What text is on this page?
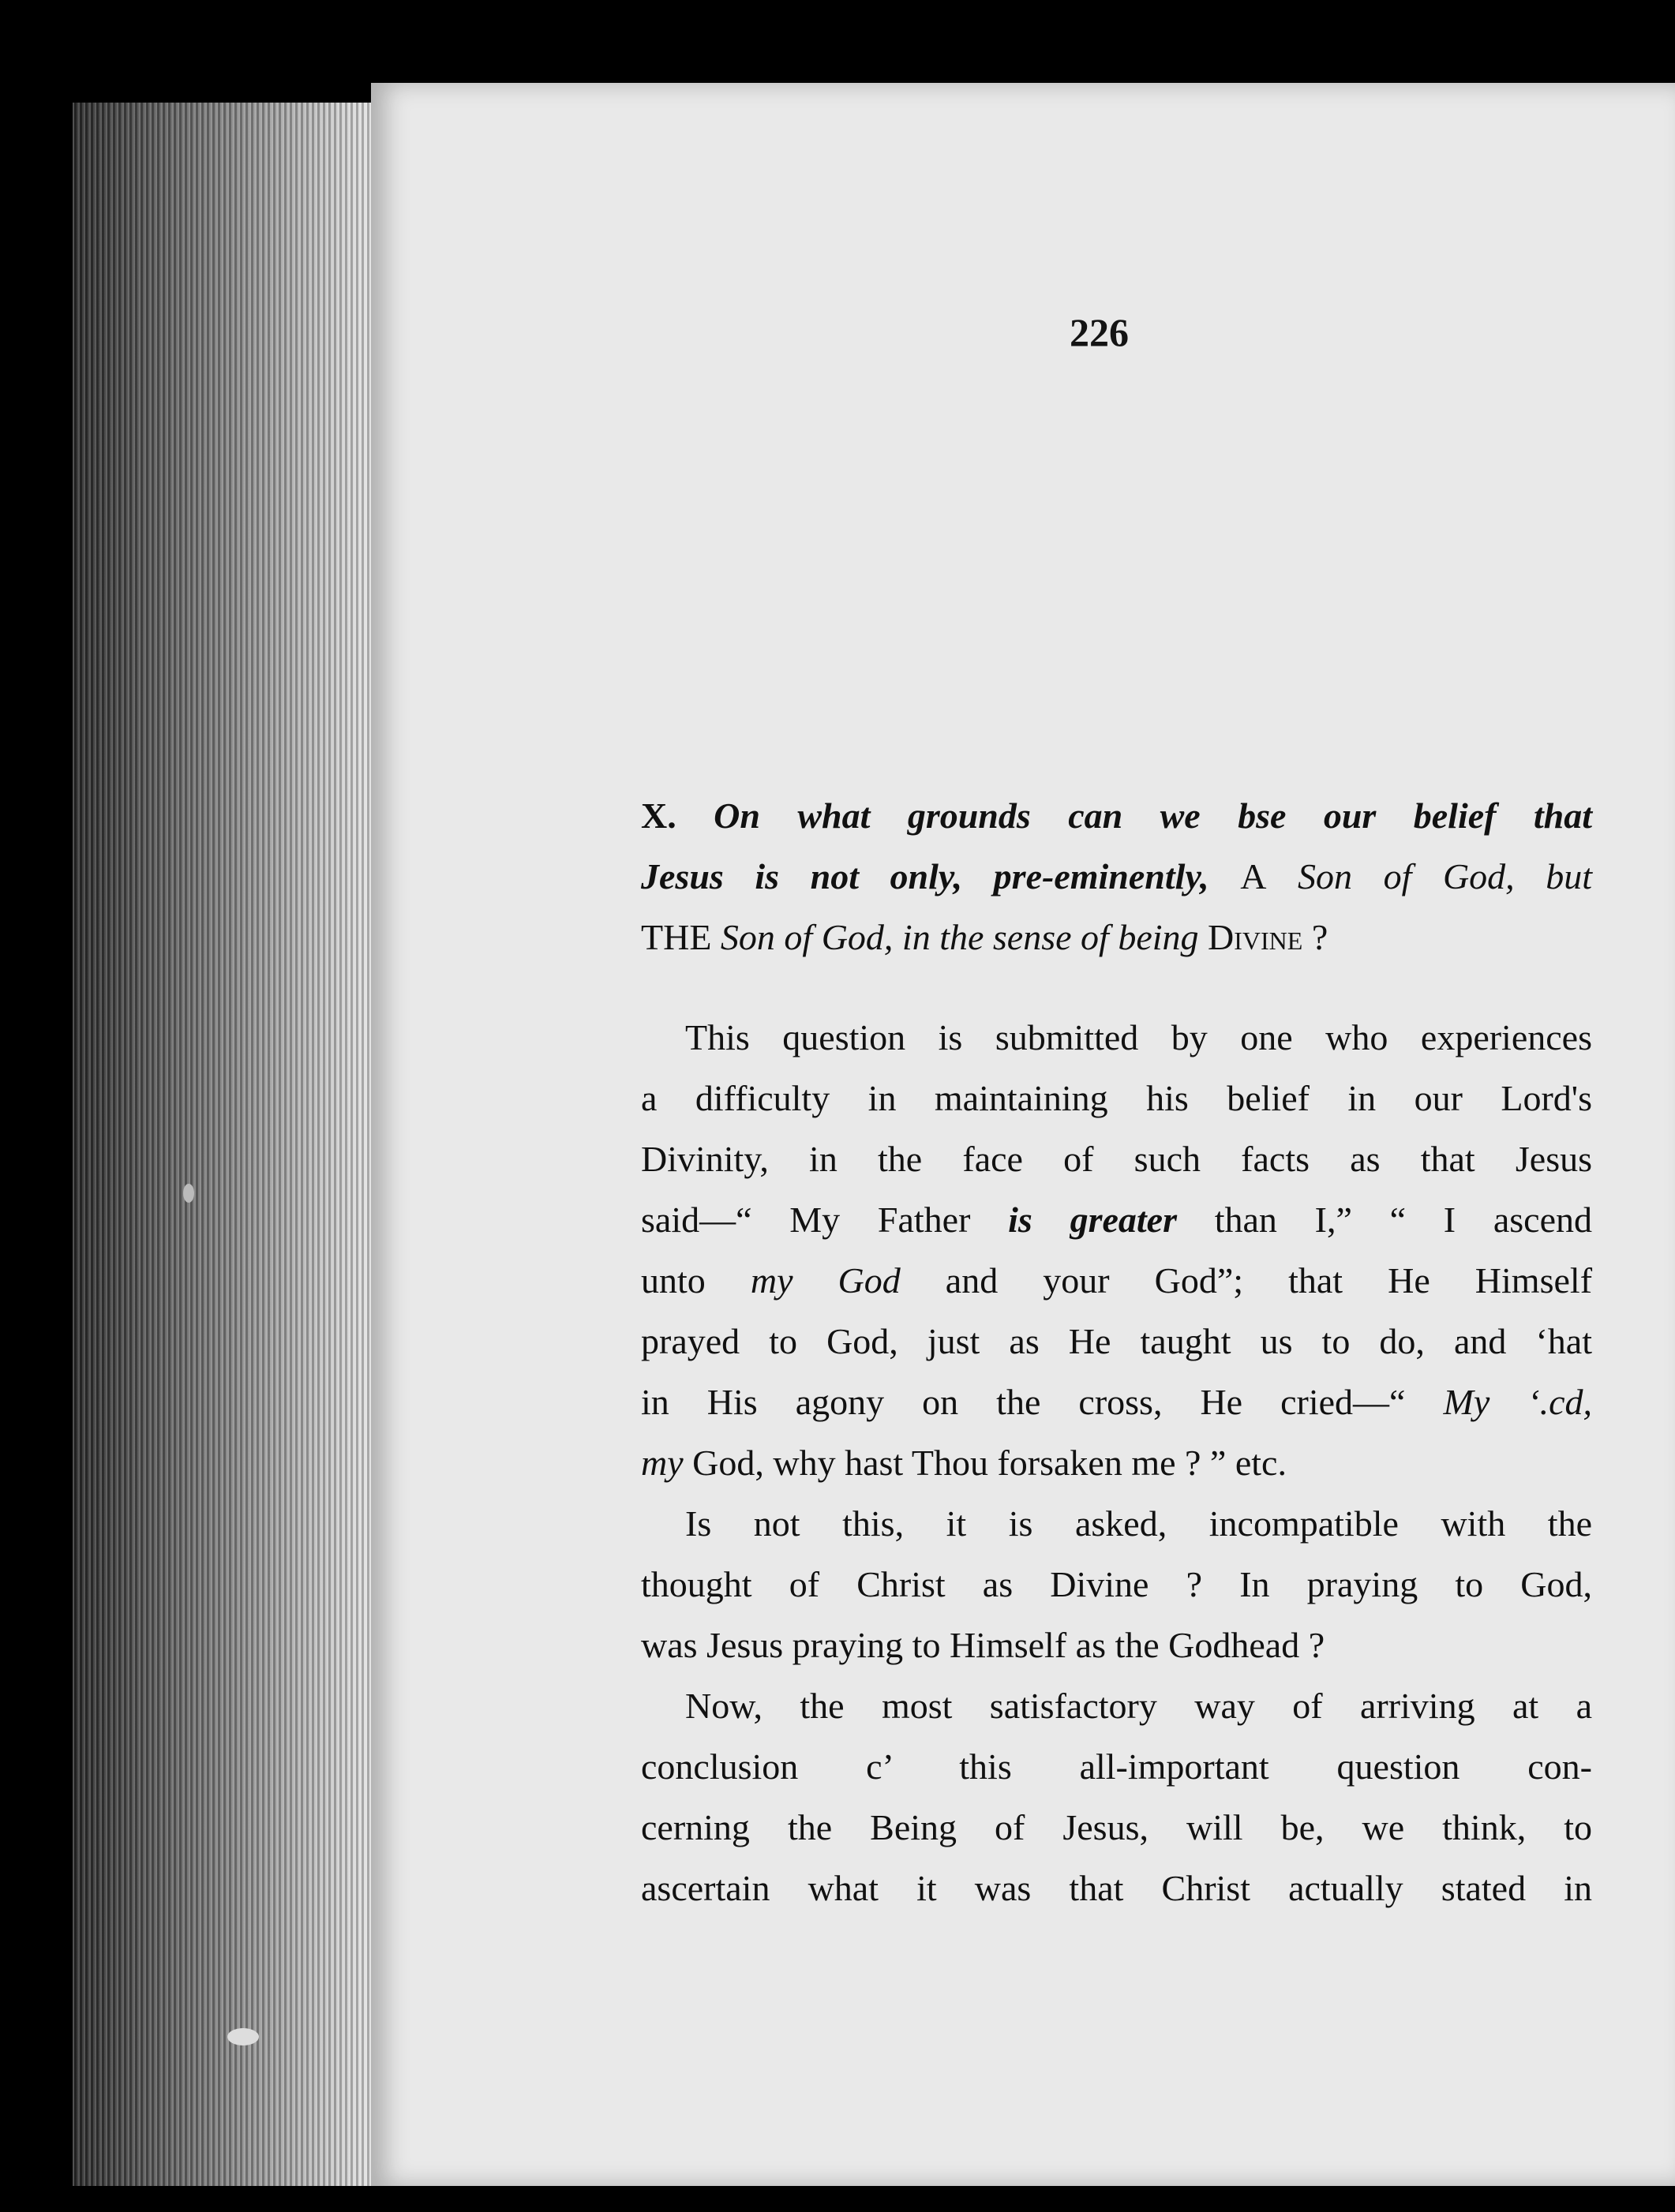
226
X. On what grounds can we bse our belief that
Jesus is not only, pre-eminently, A Son of God, but
THE Son of God, in the sense of being Divine ?
This question is submitted by one who experiences
a difficulty in maintaining his belief in our Lord's
Divinity, in the face of such facts as that Jesus
said—“ My Father is greater than I,” “ I ascend
unto my God and your God”; that He Himself
prayed to God, just as He taught us to do, and ‘hat
in His agony on the cross, He cried—“ My ‘.cd,
my God, why hast Thou forsaken me ? ” etc.
Is not this, it is asked, incompatible with the
thought of Christ as Divine ? In praying to God,
was Jesus praying to Himself as the Godhead ?
Now, the most satisfactory way of arriving at a
conclusion c’ this all-important question con-
cerning the Being of Jesus, will be, we think, to
ascertain what it was that Christ actually stated in
